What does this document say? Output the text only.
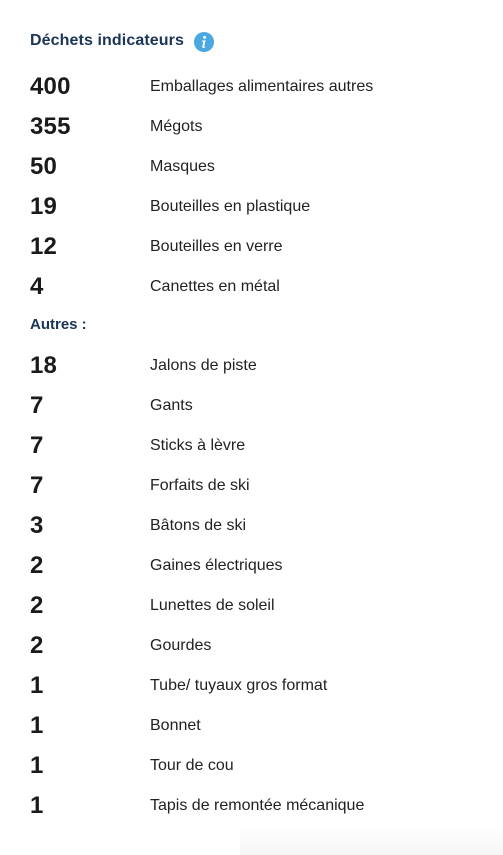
Déchets indicateurs
400	Emballages alimentaires autres
355	Mégots
50	Masques
19	Bouteilles en plastique
12	Bouteilles en verre
4	Canettes en métal
Autres :
18	Jalons de piste
7	Gants
7	Sticks à lèvre
7	Forfaits de ski
3	Bâtons de ski
2	Gaines électriques
2	Lunettes de soleil
2	Gourdes
1	Tube/ tuyaux gros format
1	Bonnet
1	Tour de cou
1	Tapis de remontée mécanique
